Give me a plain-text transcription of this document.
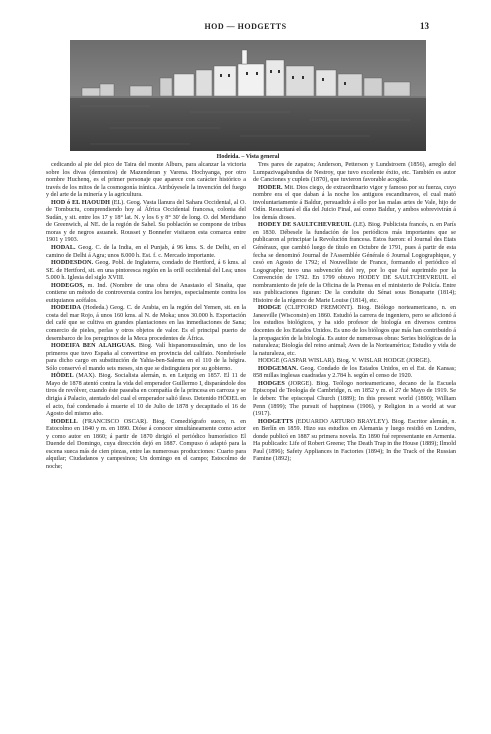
HOD — HODGETTS	13
Hodeida. – Vista general

cedicando al pie del pico de Taira del monte Alburs, para alcanzar la victoria sobre los divas (demonios) de Mazenderan y Varena. Hochyanga, por otro nombre Huchenq, es el primer personaje que aparece con carácter histórico a través de los mitos de la cosmogonía iránica. Atribúyesele la invención del fuego y del arte de la minería y la agricultura.

HOD ó EL HAOUDH (EL). Geog. Vasta llanura del Sahara Occidental, al O. de Tombuctu, comprendiendo hoy al África Occidental francesa, colonia del Sudán, y sit. entre los 17 y 18° lat. N. y los 6 y 8° 30' de long. O. del Meridiano de Greenwich, al NE. de la región de Sahel. Su población se compone de tribus moras y de negros asuanek. Rousset y Bonnefer visitaron esta comarca entre 1901 y 1903.

HODAL. Geog. C. de la India, en el Punjab, á 96 kms. S. de Delhi, en el camino de Delhi á Agra; unos 8.000 h. Est. f. c. Mercado importante.

HODDESDON. Geog. Pobl. de Inglaterra, condado de Hertford, á 6 kms. al SE. de Hertford, sit. en una pintoresca región en la orill occidental del Lea; unos 5.000 h. Iglesia del siglo XVIII.

HODEGOS, m. Ind. (Nombre de una obra de Anastasio el Sinaíta, que contiene un método de controversia contra los herejes, especialmente contra los eutiquianos acéfalos.

HODEIDA (Hodeda.) Geog. C. de Arabia, en la región del Yemen, sit. en la costa del mar Rojo, á unos 160 kms. al N. de Moka; unos 30.000 h. Exportación del café que se cultiva en grandes plantaciones en las inmediaciones de Sana; comercio de pieles, perlas y otros objetos de valor. Es el principal puerto de desembarco de los peregrinos de la Meca procedentes de África.

HODEIFA BEN ALAHGUAS. Biog. Valí hispanomusulmán, uno de los primeros que tuvo España al convertirse en provincia del califato. Nombrósele para dicho cargo en substitución de Yahia-ben-Salema en el 110 de la hégira. Sólo conservó el mando seis meses, sin que se distinguiera por su gobierno.

HÖDEL (MAX). Biog. Socialista alemán, n. en Leipzig en 1857. El 11 de Mayo de 1878 atentó contra la vida del emperador Guillermo I, disparándole dos tiros de revólver, cuando éste paseaba en compañía de la princesa en carroza y se dirigía á Palacio, atentado del cual el emperador salió ileso. Detenido HÖDEL en el acto, fué condenado á muerte el 10 de Julio de 1878 y decapitado el 16 de Agosto del mismo año.

HODELL (FRANCISCO OSCAR). Biog. Comediógrafo sueco, n. en Estocolmo en 1840 y m. en 1890. Dióse á conocer simultáneamente como actor y como autor en 1860; á partir de 1870 dirigió el periódico humorístico El Duende del Domingo, cuya dirección dejó en 1887. Compuso ó adaptó para la escena sueca más de cien piezas, entre las numerosas producciones: Cuarto para alquilar; Ciudadanos y campesinos; Un domingo en el campo; Estocolmo de noche;

Tres pares de zapatos; Anderson, Petterson y Lundstroem (1856), arreglo del Lumpazivagabundus de Nestroy, que tuvo excelente éxito, etc. También es autor de Canciones y cuplets (1870), que tuvieron favorable acogida.

HODER. Mit. Dios ciego, de extraordinario vigor y famoso por su fuerza, cuyo nombre era el que daban á la noche los antiguos escandinavos, el cual mató involuntariamente á Baldur, persuadido á ello por las malas artes de Vale, hijo de Odín. Resucitará el día del Juicio Final, así como Baldur, y ambos sobrevivirán á los demás dioses.

HODEY DE SAULTCHEVREUIL (LE). Biog. Publicista francés, n. en París en 1830. Débesele la fundación de los periódicos más importantes que se publicaron al principiar la Revolución francesa. Estos fueron: el Journal des Etats Généraux, que cambió luego de título en Octubre de 1791, pues á partir de esta fecha se denominó Journal de l'Assemblée Générale ó Journal Logographique, y cesó en Agosto de 1792; el Nouvelliste de France, formando el periódico el Logographe; tuvo una subvención del rey, por lo que fué suprimido por la Convención de 1792. En 1799 obtuvo HODEY DE SAULTCHEVREUIL el nombramiento de jefe de la Oficina de la Prensa en el ministerio de Policía. Entre sus publicaciones figuran: De la conduite du Sénat sous Bonaparte (1814); Histoire de la régence de Marie Louise (1814), etc.

HODGE (CLIFFORD FREMONT). Biog. Biólogo norteamericano, n. en Janesville (Wisconsin) en 1860. Estudió la carrera de ingeniero, pero se aficionó á los estudios biológicos, y ha sido profesor de biología en diversos centros docentes de los Estados Unidos. Es uno de los biólogos que más han contribuido á la propagación de la biología. Es autor de numerosas obras: Series biológicas de la naturaleza; Biología del reino animal; Aves de la Norteamérica; Estudio y vida de la naturaleza, etc.

HODGE (GASPAR WISLAR). Biog. V. WISLAR HODGE (JORGE).

HODGEMAN. Geog. Condado de los Estados Unidos, en el Est. de Kansas; 858 millas inglesas cuadradas y 2.784 h. según el censo de 1920.

HODGES (JORGE). Biog. Teólogo norteamericano, decano de la Escuela Episcopal de Teología de Cambridge, n. en 1852 y m. el 27 de Mayo de 1919. Se le deben: The episcopal Church (1889); In this present world (1890); William Penn (1899); The pursuit of happiness (1906), y Religion in a world at war (1917).

HODGETTS (EDUARDO ARTURO BRAYLEY). Biog. Escritor alemán, n. en Berlín en 1859. Hizo sus estudios en Alemania y luego residió en Londres, donde publicó en 1887 su primera novela. En 1890 fué representante en Armenia. Ha publicado: Life of Robert Greene; The Death Trap in the House (1889); Ilmold Paul (1896); Safety Appliances in Factories (1894); In the Track of the Russian Famine (1892);
